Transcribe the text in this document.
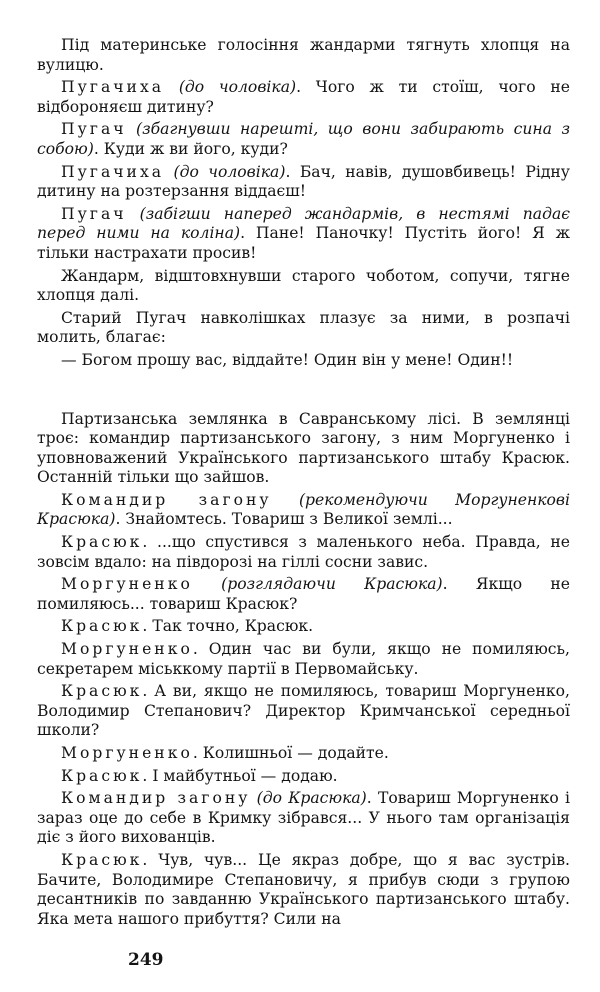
Під материнське голосіння жандарми тягнуть хлопця на вулицю.

Пугачиха (до чоловіка). Чого ж ти стоїш, чого не відбороняєш дитину?

Пугач (збагнувши нарешті, що вони забирають сина з собою). Куди ж ви його, куди?

Пугачиха (до чоловіка). Бач, навів, душовбивець! Рідну дитину на розтерзання віддаєш!

Пугач (забігши наперед жандармів, в нестямі падає перед ними на коліна). Пане! Паночку! Пустіть його! Я ж тільки настрахати просив!

Жандарм, відштовхнувши старого чоботом, сопучи, тягне хлопця далі.

Старий Пугач навколішках плазує за ними, в розпачі молить, благає:

— Богом прошу вас, віддайте! Один він у мене! Один!!

Партизанська землянка в Савранському лісі. В землянці троє: командир партизанського загону, з ним Моргуненко і уповноважений Українського партизанського штабу Красюк. Останній тільки що зайшов.

Командир загону (рекомендуючи Моргуненкові Красюка). Знайомтесь. Товариш з Великої землі...

Красюк. ...що спустився з маленького неба. Правда, не зовсім вдало: на півдорозі на гіллі сосни завис.

Моргуненко (розглядаючи Красюка). Якщо не помиляюсь... товариш Красюк?

Красюк. Так точно, Красюк.

Моргуненко. Один час ви були, якщо не помиляюсь, секретарем міськкому партії в Первомайську.

Красюк. А ви, якщо не помиляюсь, товариш Моргуненко, Володимир Степанович? Директор Кримчанської середньої школи?

Моргуненко. Колишньої — додайте.

Красюк. І майбутньої — додаю.

Командир загону (до Красюка). Товариш Моргуненко і зараз оце до себе в Кримку зібрався... У нього там організація діє з його вихованців.

Красюк. Чув, чув... Це якраз добре, що я вас зустрів. Бачите, Володимире Степановичу, я прибув сюди з групою десантників по завданню Українського партизанського штабу. Яка мета нашого прибуття? Сили на

249
